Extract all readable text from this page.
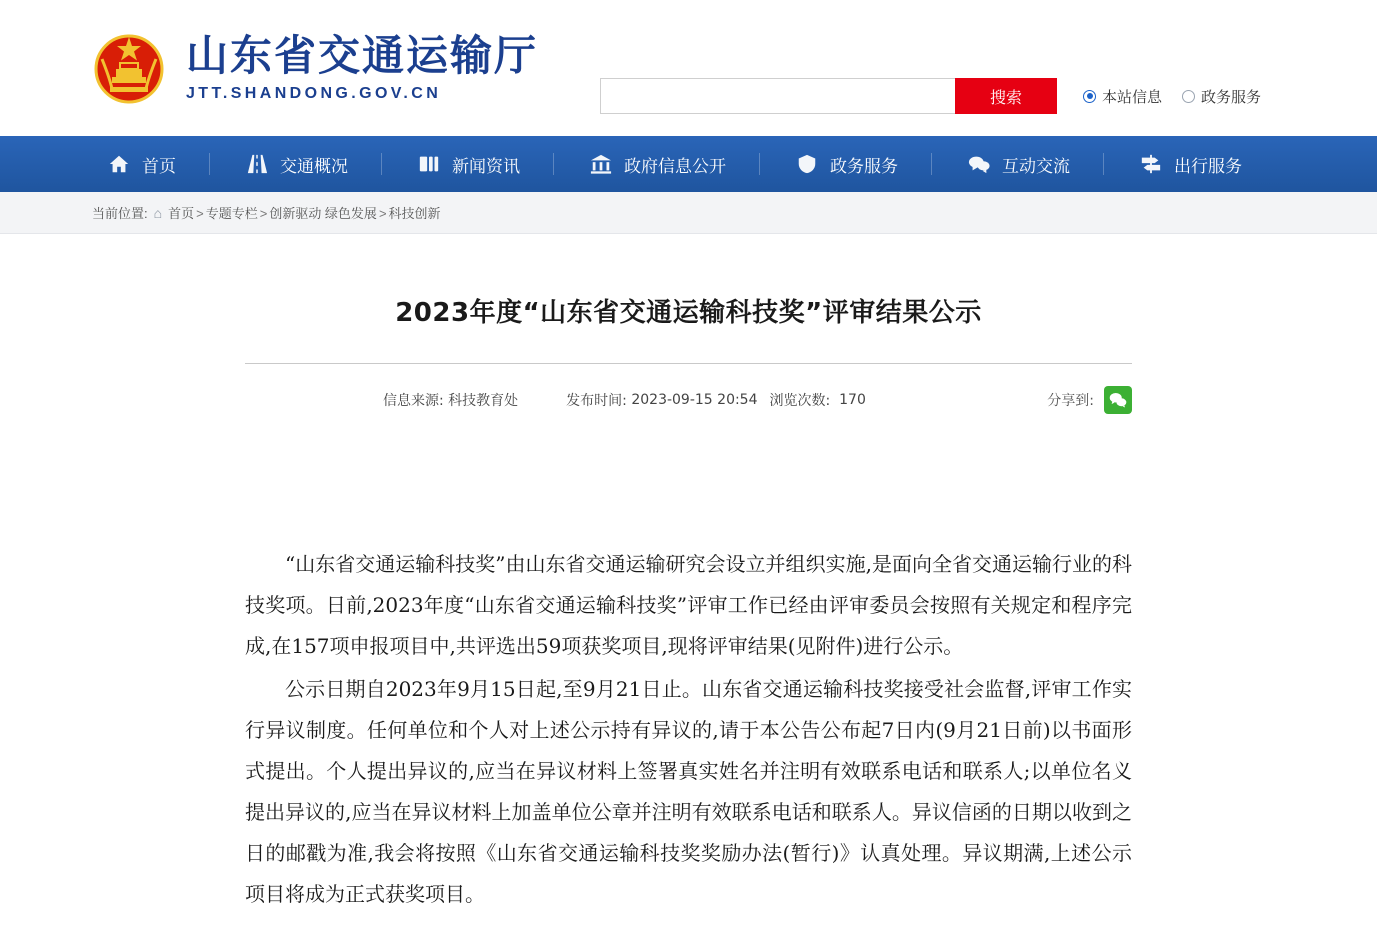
山东省交通运输厅
JTT.SHANDONG.GOV.CN	搜索	本站信息	政务服务
首页	交通概况	新闻资讯	政府信息公开	政务服务	互动交流	出行服务
当前位置: ⌂ 首页 > 专题专栏 > 创新驱动 绿色发展 > 科技创新
2023年度“山东省交通运输科技奖”评审结果公示
信息来源:
科技教育处	发布时间:
2023-09-15 20:54 浏览次数:
170	分享到:

“山东省交通运输科技奖”由山东省交通运输研究会设立并组织实施,是面向全省交通运输行业的科技奖项。日前,2023年度“山东省交通运输科技奖”评审工作已经由评审委员会按照有关规定和程序完成,在157项申报项目中,共评选出59项获奖项目,现将评审结果(见附件)进行公示。

公示日期自2023年9月15日起,至9月21日止。山东省交通运输科技奖接受社会监督,评审工作实行异议制度。任何单位和个人对上述公示持有异议的,请于本公告公布起7日内(9月21日前)以书面形式提出。个人提出异议的,应当在异议材料上签署真实姓名并注明有效联系电话和联系人;以单位名义提出异议的,应当在异议材料上加盖单位公章并注明有效联系电话和联系人。异议信函的日期以收到之日的邮戳为准,我会将按照《山东省交通运输科技奖奖励办法(暂行)》认真处理。异议期满,上述公示项目将成为正式获奖项目。
